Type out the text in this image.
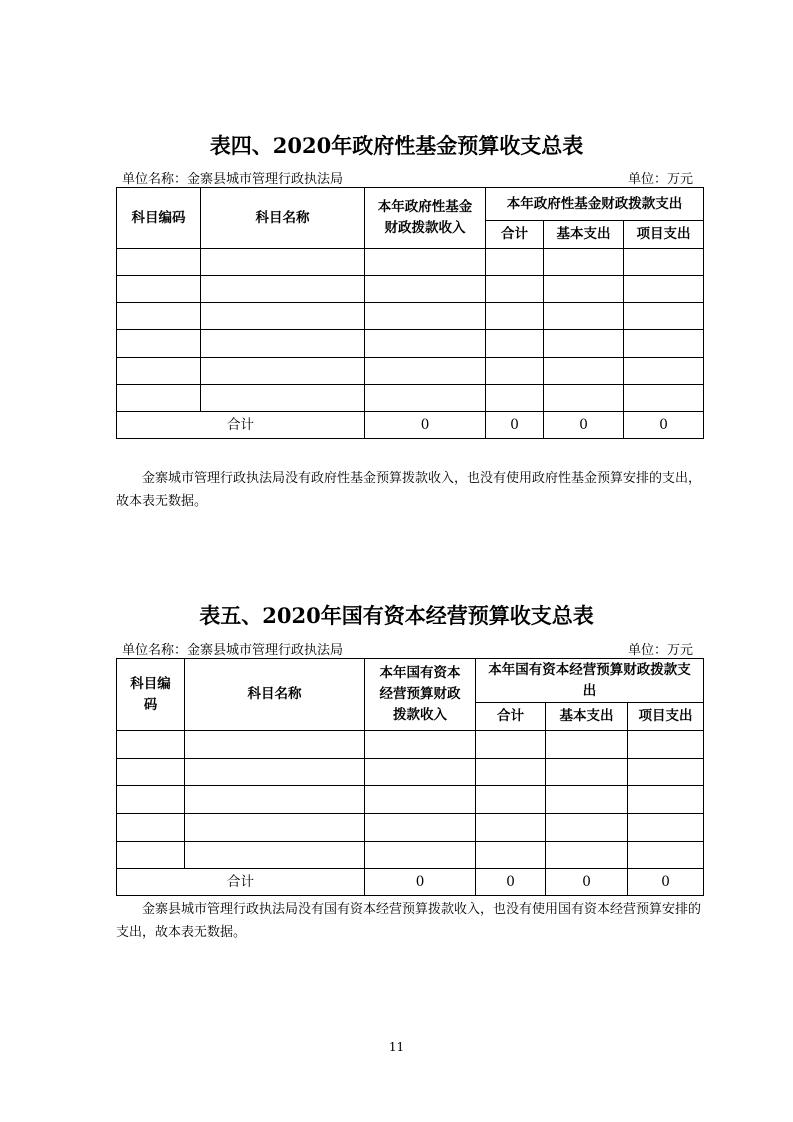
表四、2020年政府性基金预算收支总表
单位名称：金寨县城市管理行政执法局	单位：万元
科目编码	科目名称	本年政府性基金财政拨款收入	本年政府性基金财政拨款支出		
			合计	基本支出	项目支出

合计		0	0	0	0
金寨城市管理行政执法局没有政府性基金预算拨款收入，也没有使用政府性基金预算安排的支出，故本表无数据。
表五、2020年国有资本经营预算收支总表
单位名称：金寨县城市管理行政执法局	单位：万元
科目编码	科目名称	本年国有资本经营预算财政拨款收入	本年国有资本经营预算财政拨款支出		
			合计	基本支出	项目支出

合计		0	0	0	0
金寨县城市管理行政执法局没有国有资本经营预算拨款收入，也没有使用国有资本经营预算安排的支出，故本表无数据。
11
